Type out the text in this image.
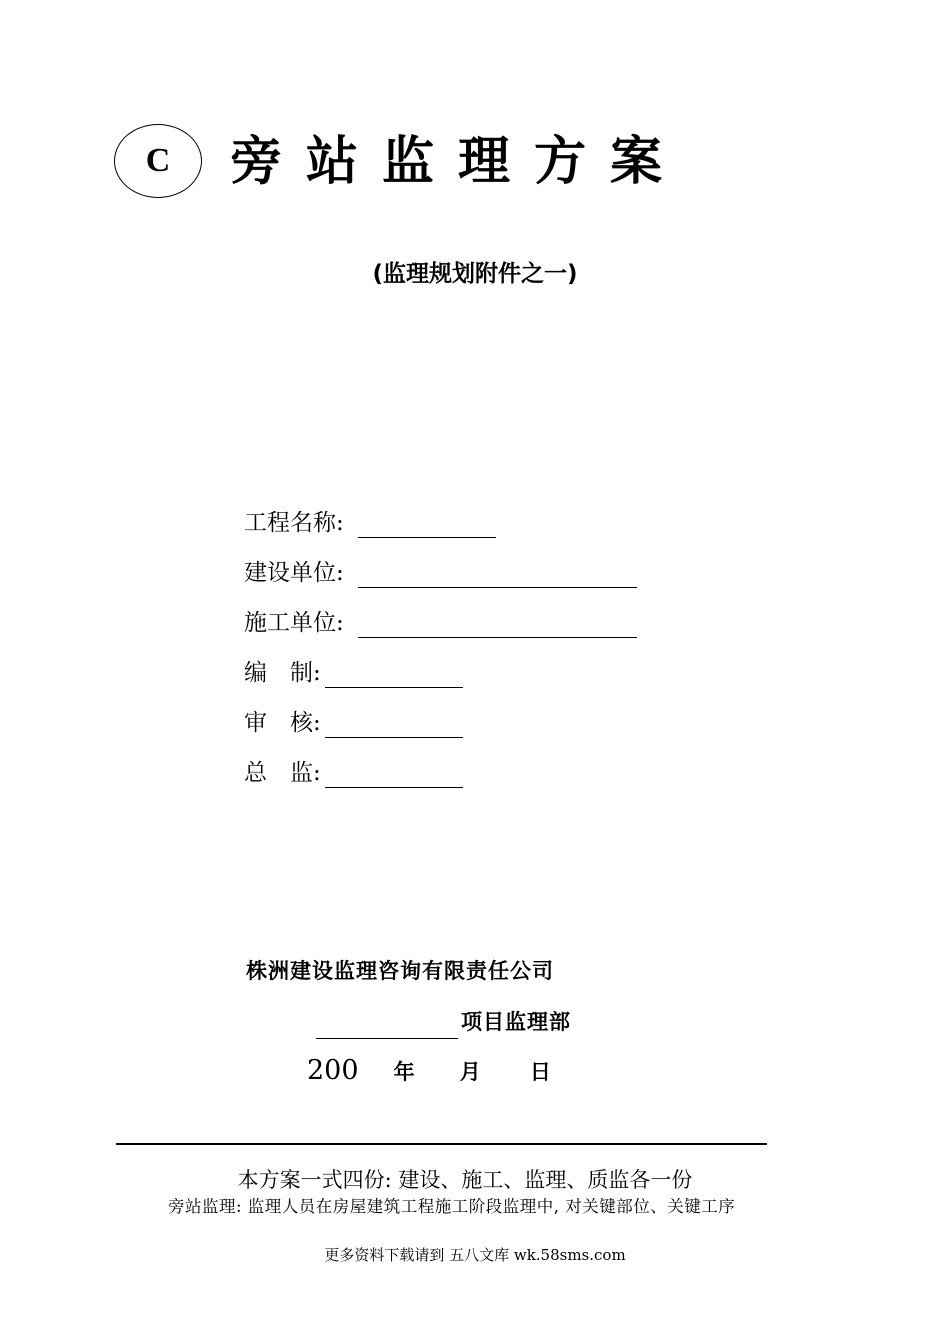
C 旁站监理方案
(监理规划附件之一)
工程名称:
建设单位:
施工单位:
编　制:
审　核:
总　监:
株洲建设监理咨询有限责任公司
项目监理部
200 年 月 日
本方案一式四份: 建设、施工、监理、质监各一份
旁站监理: 监理人员在房屋建筑工程施工阶段监理中, 对关键部位、关键工序
更多资料下载请到 五八文库 wk.58sms.com
